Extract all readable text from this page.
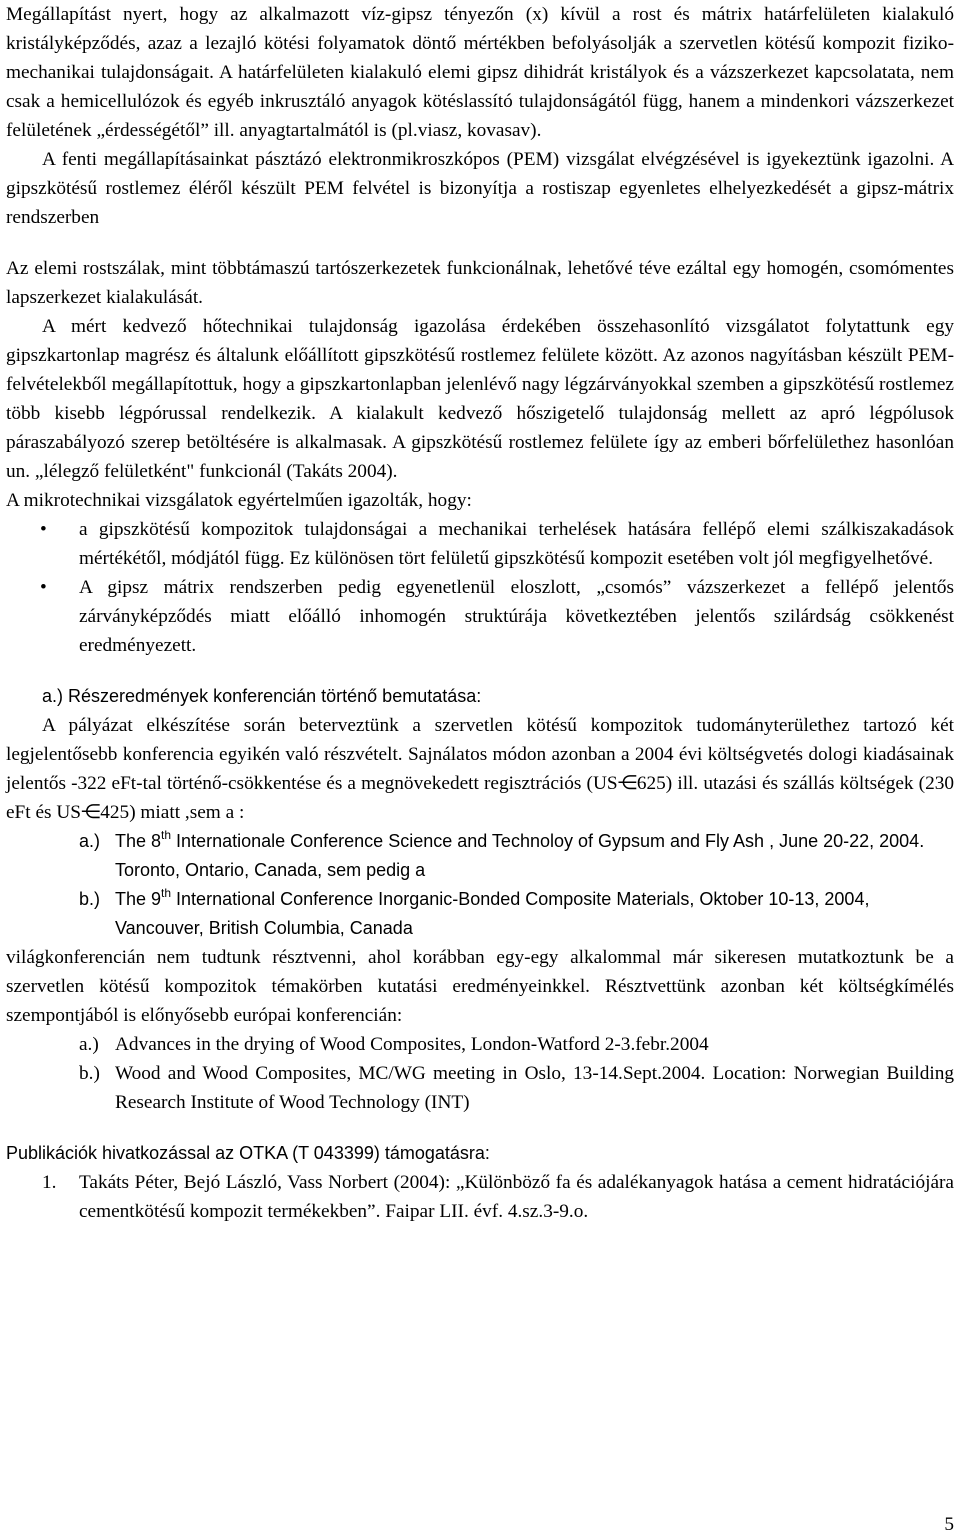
Megállapítást nyert, hogy az alkalmazott víz-gipsz tényezőn (x) kívül a rost és mátrix határfelületen kialakuló kristályképződés, azaz a lezajló kötési folyamatok döntő mértékben befolyásolják a szervetlen kötésű kompozit fiziko-mechanikai tulajdonságait. A határfelületen kialakuló elemi gipsz dihidrát kristályok és a vázszerkezet kapcsolatata, nem csak a hemicellulózok és egyéb inkrusztáló anyagok kötéslassító tulajdonságától függ, hanem a mindenkori vázszerkezet felületének „érdességétől” ill. anyagtartalmától is (pl.viasz, kovasav).

A fenti megállapításainkat pásztázó elektronmikroszkópos (PEM) vizsgálat elvégzésével is igyekeztünk igazolni. A gipszkötésű rostlemez éléről készült PEM felvétel is bizonyítja a rostiszap egyenletes elhelyezkedését a gipsz-mátrix rendszerben

Az elemi rostszálak, mint többtámaszú tartószerkezetek funkcionálnak, lehetővé téve ezáltal egy homogén, csomómentes lapszerkezet kialakulását.

A mért kedvező hőtechnikai tulajdonság igazolása érdekében összehasonlító vizsgálatot folytattunk egy gipszkartonlap magrész és általunk előállított gipszkötésű rostlemez felülete között. Az azonos nagyításban készült PEM-felvételekből megállapítottuk, hogy a gipszkartonlapban jelenlévő nagy légzárványokkal szemben a gipszkötésű rostlemez több kisebb légpórussal rendelkezik. A kialakult kedvező hőszigetelő tulajdonság mellett az apró légpólusok páraszabályozó szerep betöltésére is alkalmasak. A gipszkötésű rostlemez felülete így az emberi bőrfelülethez hasonlóan un. „lélegző felületként" funkcionál (Takáts 2004).

A mikrotechnikai vizsgálatok egyértelműen igazolták, hogy:

• a gipszkötésű kompozitok tulajdonságai a mechanikai terhelések hatására fellépő elemi szálkiszakadások mértékétől, módjától függ. Ez különösen tört felületű gipszkötésű kompozit esetében volt jól megfigyelhetővé.
• A gipsz mátrix rendszerben pedig egyenetlenül eloszlott, „csomós” vázszerkezet a fellépő jelentős zárványképződés miatt előálló inhomogén struktúrája következtében jelentős szilárdság csökkenést eredményezett.

a.) Részeredmények konferencián történő bemutatása:

A pályázat elkészítése során beterveztünk a szervetlen kötésű kompozitok tudományterülethez tartozó két legjelentősebb konferencia egyikén való részvételt. Sajnálatos módon azonban a 2004 évi költségvetés dologi kiadásainak jelentős -322 eFt-tal történő-csökkentése és a megnövekedett regisztrációs (US⋲625) ill. utazási és szállás költségek (230 eFt és US⋲425) miatt ,sem a :

a.) The 8th Internationale Conference Science and Technoloy of Gypsum and Fly Ash , June 20-22, 2004. Toronto, Ontario, Canada, sem pedig a
b.) The 9th International Conference Inorganic-Bonded Composite Materials, Oktober 10-13, 2004, Vancouver, British Columbia, Canada

világkonferencián nem tudtunk résztvenni, ahol korábban egy-egy alkalommal már sikeresen mutatkoztunk be a szervetlen kötésű kompozitok témakörben kutatási eredményeinkkel. Résztvettünk azonban két költségkímélés szempontjából is előnyősebb európai konferencián:

a.) Advances in the drying of Wood Composites, London-Watford 2-3.febr.2004
b.) Wood and Wood Composites, MC/WG meeting in Oslo, 13-14.Sept.2004. Location: Norwegian Building Research Institute of Wood Technology (INT)

Publikációk hivatkozással az OTKA (T 043399) támogatásra:

1. Takáts Péter, Bejó László, Vass Norbert (2004): „Különböző fa és adalékanyagok hatása a cement hidratációjára cementkötésű kompozit termékekben”. Faipar LII. évf. 4.sz.3-9.o.
5
